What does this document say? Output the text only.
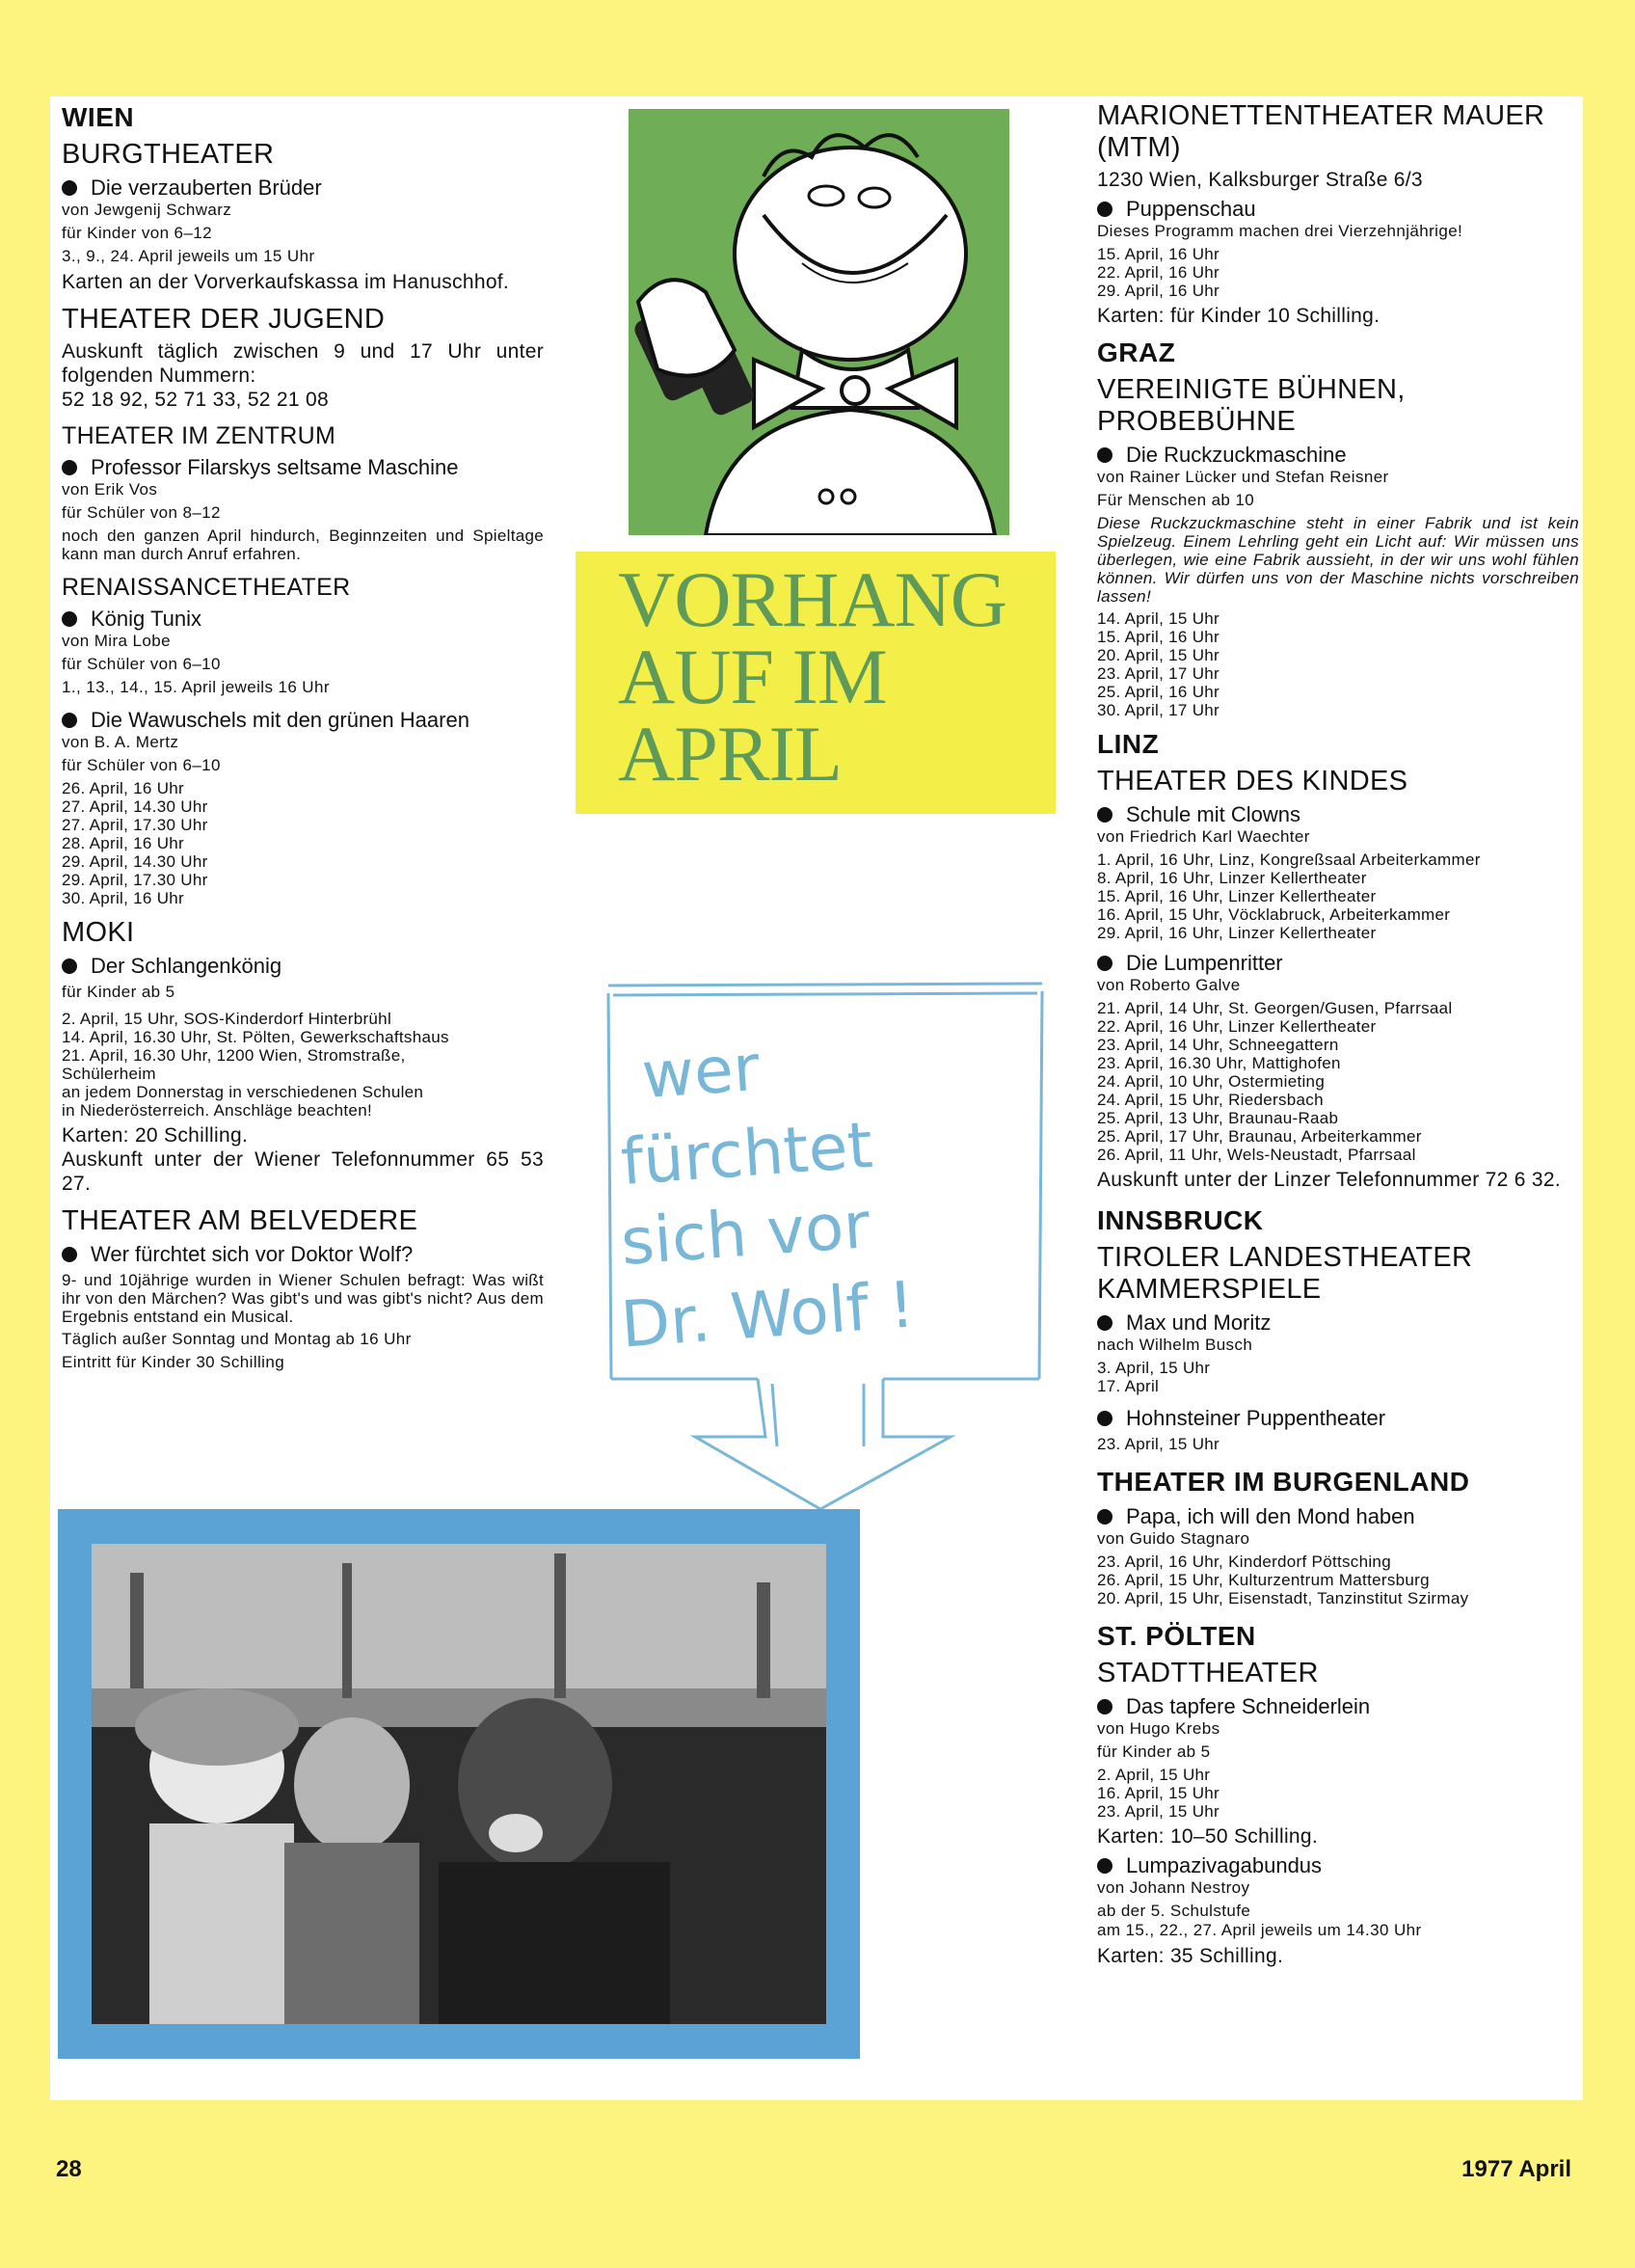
WIEN
BURGTHEATER
Die verzauberten Brüder
von Jewgenij Schwarz
für Kinder von 6–12
3., 9., 24. April jeweils um 15 Uhr
Karten an der Vorverkaufskassa im Hanuschhof.
THEATER DER JUGEND
Auskunft täglich zwischen 9 und 17 Uhr unter folgenden Nummern:
52 18 92, 52 71 33, 52 21 08
THEATER IM ZENTRUM
Professor Filarskys seltsame Maschine
von Erik Vos
für Schüler von 8–12
noch den ganzen April hindurch, Beginnzeiten und Spieltage kann man durch Anruf erfahren.
RENAISSANCETHEATER
König Tunix
von Mira Lobe
für Schüler von 6–10
1., 13., 14., 15. April jeweils 16 Uhr
Die Wawuschels mit den grünen Haaren
von B. A. Mertz
für Schüler von 6–10
26. April, 16 Uhr
27. April, 14.30 Uhr
27. April, 17.30 Uhr
28. April, 16 Uhr
29. April, 14.30 Uhr
29. April, 17.30 Uhr
30. April, 16 Uhr
MOKI
Der Schlangenkönig
für Kinder ab 5
2. April, 15 Uhr, SOS-Kinderdorf Hinterbrühl
14. April, 16.30 Uhr, St. Pölten, Gewerkschaftshaus
21. April, 16.30 Uhr, 1200 Wien, Stromstraße,
Schülerheim
an jedem Donnerstag in verschiedenen Schulen
in Niederösterreich. Anschläge beachten!
Karten: 20 Schilling.
Auskunft unter der Wiener Telefonnummer 65 53 27.
THEATER AM BELVEDERE
Wer fürchtet sich vor Doktor Wolf?
9- und 10jährige wurden in Wiener Schulen befragt: Was wißt ihr von den Märchen? Was gibt's und was gibt's nicht? Aus dem Ergebnis entstand ein Musical.
Täglich außer Sonntag und Montag ab 16 Uhr
Eintritt für Kinder 30 Schilling
VORHANG
AUF IM
APRIL
wer
fürchtet
sich vor
Dr. Wolf !
MARIONETTENTHEATER MAUER (MTM)
1230 Wien, Kalksburger Straße 6/3
Puppenschau
Dieses Programm machen drei Vierzehnjährige!
15. April, 16 Uhr
22. April, 16 Uhr
29. April, 16 Uhr
Karten: für Kinder 10 Schilling.
GRAZ
VEREINIGTE BÜHNEN, PROBEBÜHNE
Die Ruckzuckmaschine
von Rainer Lücker und Stefan Reisner
Für Menschen ab 10
Diese Ruckzuckmaschine steht in einer Fabrik und ist kein Spielzeug. Einem Lehrling geht ein Licht auf: Wir müssen uns überlegen, wie eine Fabrik aussieht, in der wir uns wohl fühlen können. Wir dürfen uns von der Maschine nichts vorschreiben lassen!
14. April, 15 Uhr
15. April, 16 Uhr
20. April, 15 Uhr
23. April, 17 Uhr
25. April, 16 Uhr
30. April, 17 Uhr
LINZ
THEATER DES KINDES
Schule mit Clowns
von Friedrich Karl Waechter
1. April, 16 Uhr, Linz, Kongreßsaal Arbeiterkammer
8. April, 16 Uhr, Linzer Kellertheater
15. April, 16 Uhr, Linzer Kellertheater
16. April, 15 Uhr, Vöcklabruck, Arbeiterkammer
29. April, 16 Uhr, Linzer Kellertheater
Die Lumpenritter
von Roberto Galve
21. April, 14 Uhr, St. Georgen/Gusen, Pfarrsaal
22. April, 16 Uhr, Linzer Kellertheater
23. April, 14 Uhr, Schneegattern
23. April, 16.30 Uhr, Mattighofen
24. April, 10 Uhr, Ostermieting
24. April, 15 Uhr, Riedersbach
25. April, 13 Uhr, Braunau-Raab
25. April, 17 Uhr, Braunau, Arbeiterkammer
26. April, 11 Uhr, Wels-Neustadt, Pfarrsaal
Auskunft unter der Linzer Telefonnummer 72 6 32.
INNSBRUCK
TIROLER LANDESTHEATER KAMMERSPIELE
Max und Moritz
nach Wilhelm Busch
3. April, 15 Uhr
17. April
Hohnsteiner Puppentheater
23. April, 15 Uhr
THEATER IM BURGENLAND
Papa, ich will den Mond haben
von Guido Stagnaro
23. April, 16 Uhr, Kinderdorf Pöttsching
26. April, 15 Uhr, Kulturzentrum Mattersburg
20. April, 15 Uhr, Eisenstadt, Tanzinstitut Szirmay
ST. PÖLTEN
STADTTHEATER
Das tapfere Schneiderlein
von Hugo Krebs
für Kinder ab 5
2. April, 15 Uhr
16. April, 15 Uhr
23. April, 15 Uhr
Karten: 10–50 Schilling.
Lumpazivagabundus
von Johann Nestroy
ab der 5. Schulstufe
am 15., 22., 27. April jeweils um 14.30 Uhr
Karten: 35 Schilling.
28	1977 April
